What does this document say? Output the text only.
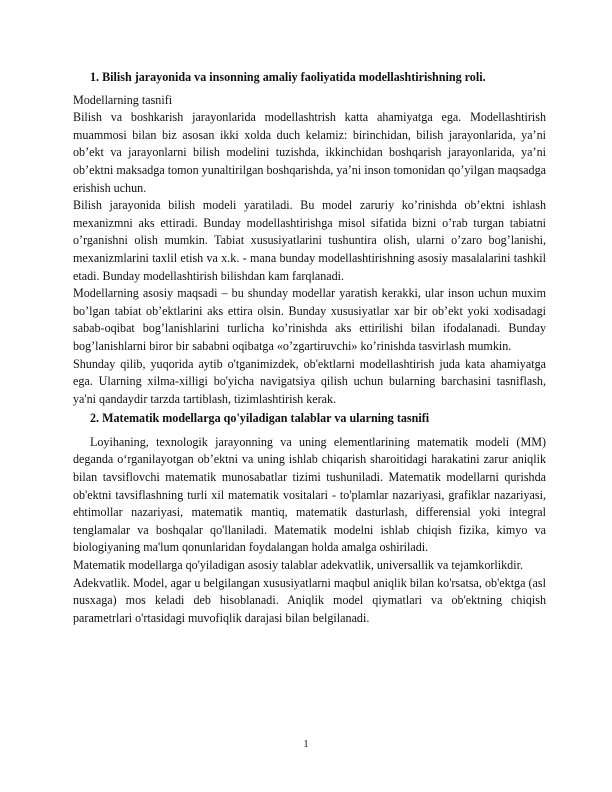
1. Bilish jarayonida va insonning amaliy faoliyatida modellashtirishning roli.

Modellarning tasnifi

Bilish va boshkarish jarayonlarida modellashtrish katta ahamiyatga ega. Modellashtirish muammosi bilan biz asosan ikki xolda duch kelamiz: birinchidan, bilish jarayonlarida, ya’ni ob’ekt va jarayonlarni bilish modelini tuzishda, ikkinchidan boshqarish jarayonlarida, ya’ni ob’ektni maksadga tomon yunaltirilgan boshqarishda, ya’ni inson tomonidan qo’yilgan maqsadga erishish uchun.

Bilish jarayonida bilish modeli yaratiladi. Bu model zaruriy ko’rinishda ob’ektni ishlash mexanizmni aks ettiradi. Bunday modellashtirishga misol sifatida bizni o’rab turgan tabiatni o’rganishni olish mumkin. Tabiat xususiyatlarini tushuntira olish, ularni o’zaro bog’lanishi, mexanizmlarini taxlil etish va x.k. - mana bunday modellashtirishning asosiy masalalarini tashkil etadi. Bunday modellashtirish bilishdan kam farqlanadi.

Modellarning asosiy maqsadi – bu shunday modellar yaratish kerakki, ular inson uchun muxim bo’lgan tabiat ob’ektlarini aks ettira olsin. Bunday xususiyatlar xar bir ob’ekt yoki xodisadagi sabab-oqibat bog’lanishlarini turlicha ko’rinishda aks ettirilishi bilan ifodalanadi. Bunday bog’lanishlarni biror bir sababni oqibatga «o’zgartiruvchi» ko’rinishda tasvirlash mumkin.

Shunday qilib, yuqorida aytib o'tganimizdek, ob'ektlarni modellashtirish juda kata ahamiyatga ega. Ularning xilma-xilligi bo'yicha navigatsiya qilish uchun bularning barchasini tasniflash, ya'ni qandaydir tarzda tartiblash, tizimlashtirish kerak.

2. Matematik modellarga qo'yiladigan talablar va ularning tasnifi

Loyihaning, texnologik jarayonning va uning elementlarining matematik modeli (MM) deganda o‘rganilayotgan ob’ektni va uning ishlab chiqarish sharoitidagi harakatini zarur aniqlik bilan tavsiflovchi matematik munosabatlar tizimi tushuniladi. Matematik modellarni qurishda ob'ektni tavsiflashning turli xil matematik vositalari - to'plamlar nazariyasi, grafiklar nazariyasi, ehtimollar nazariyasi, matematik mantiq, matematik dasturlash, differensial yoki integral tenglamalar va boshqalar qo'llaniladi. Matematik modelni ishlab chiqish fizika, kimyo va biologiyaning ma'lum qonunlaridan foydalangan holda amalga oshiriladi.

Matematik modellarga qo'yiladigan asosiy talablar adekvatlik, universallik va tejamkorlikdir.

Adekvatlik. Model, agar u belgilangan xususiyatlarni maqbul aniqlik bilan ko'rsatsa, ob'ektga (asl nusxaga) mos keladi deb hisoblanadi. Aniqlik model qiymatlari va ob'ektning chiqish parametrlari o'rtasidagi muvofiqlik darajasi bilan belgilanadi.

1
